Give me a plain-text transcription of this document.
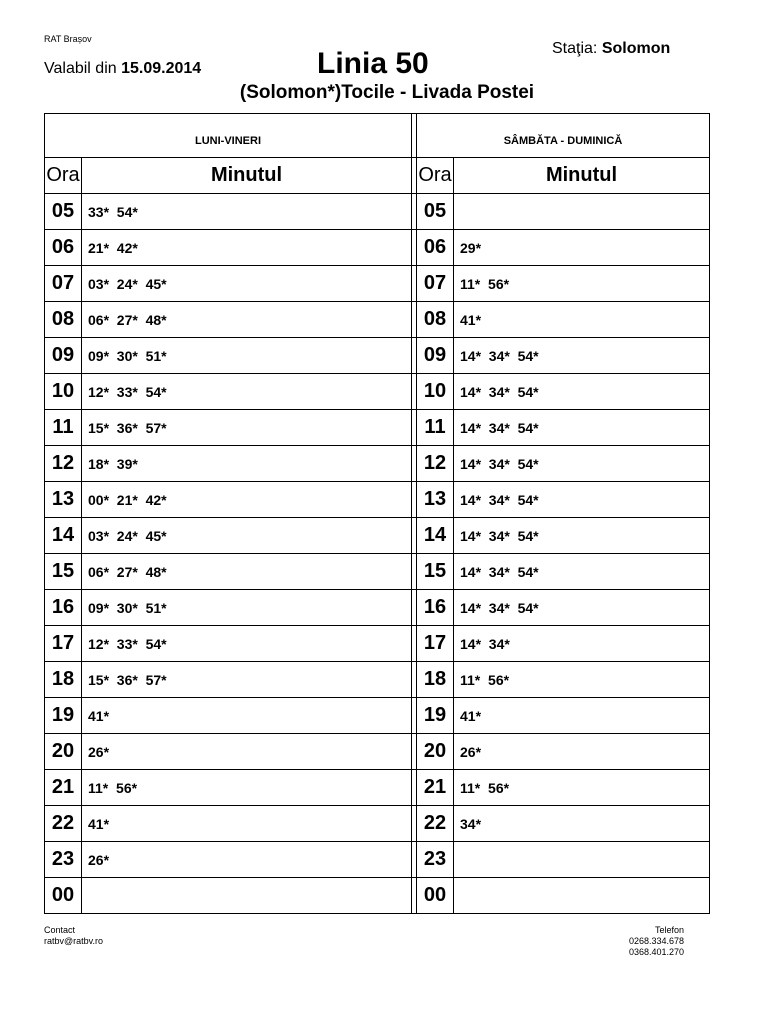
RAT Brașov
Valabil din 15.09.2014	Linia 50	Staţia: Solomon
(Solomon*)Tocile - Livada Postei
LUNI-VINERI			SÂMBĂTA - DUMINICĂ	
Ora	Minutul		Ora	Minutul
05	33*  54*		05	
06	21*  42*		06	29*
07	03*  24*  45*		07	11*  56*
08	06*  27*  48*		08	41*
09	09*  30*  51*		09	14*  34*  54*
10	12*  33*  54*		10	14*  34*  54*
11	15*  36*  57*		11	14*  34*  54*
12	18*  39*		12	14*  34*  54*
13	00*  21*  42*		13	14*  34*  54*
14	03*  24*  45*		14	14*  34*  54*
15	06*  27*  48*		15	14*  34*  54*
16	09*  30*  51*		16	14*  34*  54*
17	12*  33*  54*		17	14*  34*
18	15*  36*  57*		18	11*  56*
19	41*		19	41*
20	26*		20	26*
21	11*  56*		21	11*  56*
22	41*		22	34*
23	26*		23	
00			00	
Contact
ratbv@ratbv.ro
Telefon
0268.334.678
0368.401.270
